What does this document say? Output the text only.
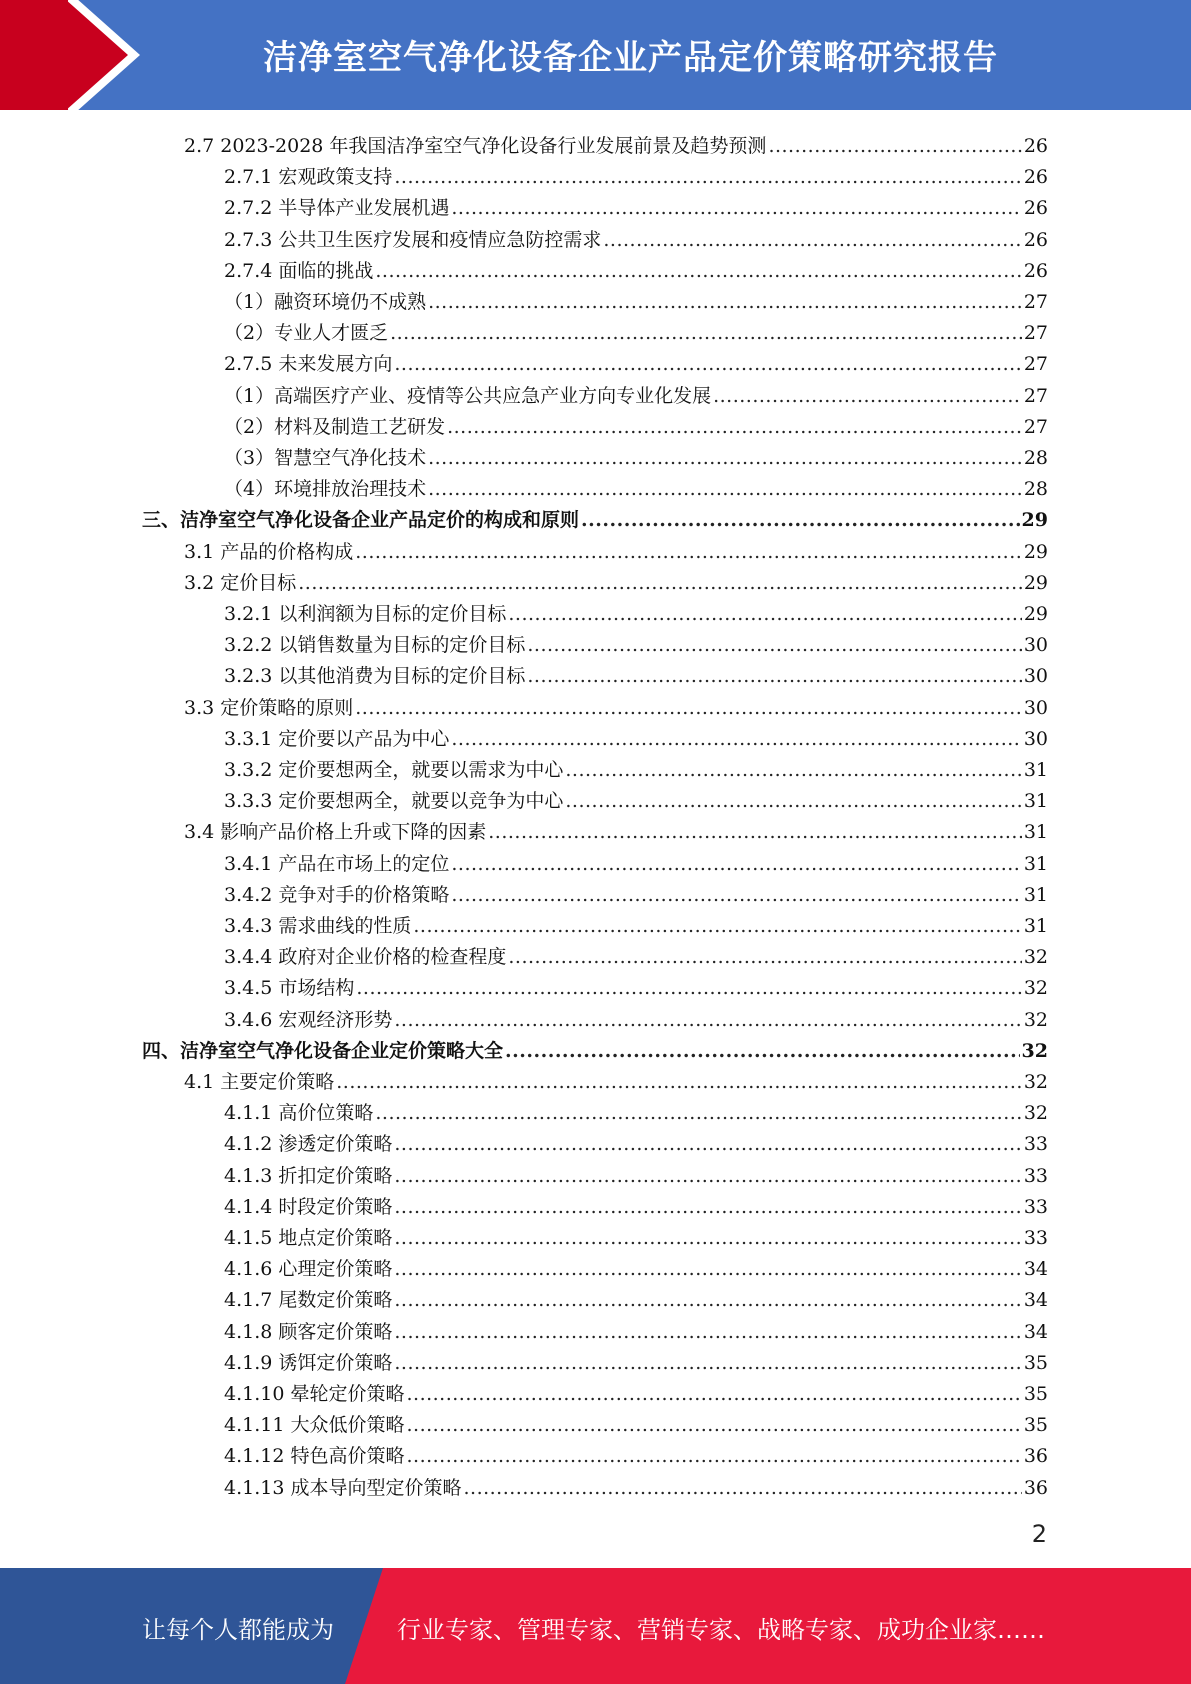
洁净室空气净化设备企业产品定价策略研究报告
2.7 2023-2028 年我国洁净室空气净化设备行业发展前景及趋势预测 .....	26
2.7.1 宏观政策支持 .....	26
2.7.2 半导体产业发展机遇 .....	26
2.7.3 公共卫生医疗发展和疫情应急防控需求 .....	26
2.7.4 面临的挑战 .....	26
（1）融资环境仍不成熟 .....	27
（2）专业人才匮乏 .....	27
2.7.5 未来发展方向 .....	27
（1）高端医疗产业、疫情等公共应急产业方向专业化发展 .....	27
（2）材料及制造工艺研发 .....	27
（3）智慧空气净化技术 .....	28
（4）环境排放治理技术 .....	28
三、洁净室空气净化设备企业产品定价的构成和原则 .....	29
3.1 产品的价格构成 .....	29
3.2 定价目标 .....	29
3.2.1 以利润额为目标的定价目标 .....	29
3.2.2 以销售数量为目标的定价目标 .....	30
3.2.3 以其他消费为目标的定价目标 .....	30
3.3 定价策略的原则 .....	30
3.3.1 定价要以产品为中心 .....	30
3.3.2 定价要想两全，就要以需求为中心 .....	31
3.3.3 定价要想两全，就要以竞争为中心 .....	31
3.4 影响产品价格上升或下降的因素 .....	31
3.4.1 产品在市场上的定位 .....	31
3.4.2 竞争对手的价格策略 .....	31
3.4.3 需求曲线的性质 .....	31
3.4.4 政府对企业价格的检查程度 .....	32
3.4.5 市场结构 .....	32
3.4.6 宏观经济形势 .....	32
四、洁净室空气净化设备企业定价策略大全 .....	32
4.1 主要定价策略 .....	32
4.1.1 高价位策略 .....	32
4.1.2 渗透定价策略 .....	33
4.1.3 折扣定价策略 .....	33
4.1.4 时段定价策略 .....	33
4.1.5 地点定价策略 .....	33
4.1.6 心理定价策略 .....	34
4.1.7 尾数定价策略 .....	34
4.1.8 顾客定价策略 .....	34
4.1.9 诱饵定价策略 .....	35
4.1.10 晕轮定价策略 .....	35
4.1.11 大众低价策略 .....	35
4.1.12 特色高价策略 .....	36
4.1.13 成本导向型定价策略 .....	36
2
让每个人都能成为	行业专家、管理专家、营销专家、战略专家、成功企业家……
